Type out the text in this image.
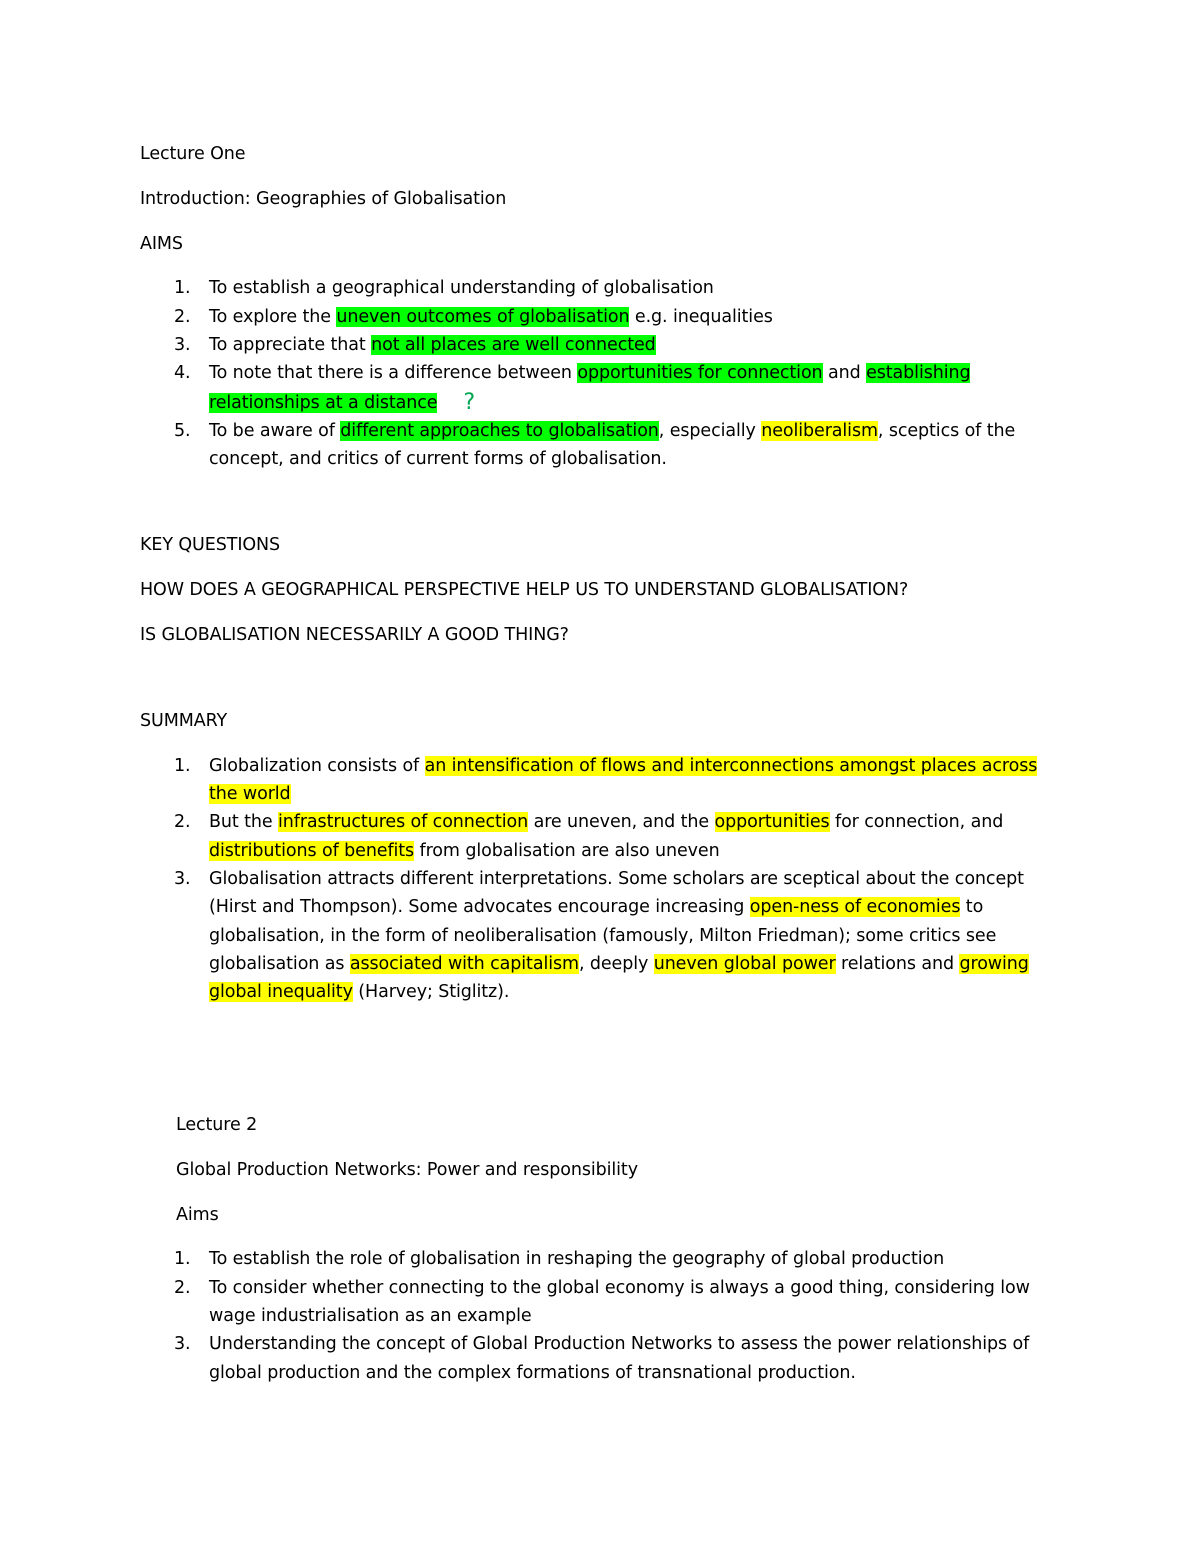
Lecture One

Introduction: Geographies of Globalisation

AIMS

1. To establish a geographical understanding of globalisation
2. To explore the uneven outcomes of globalisation e.g. inequalities
3. To appreciate that not all places are well connected
4. To note that there is a difference between opportunities for connection and establishing
relationships at a distance ?
5. To be aware of different approaches to globalisation, especially neoliberalism, sceptics of the
concept, and critics of current forms of globalisation.

KEY QUESTIONS

HOW DOES A GEOGRAPHICAL PERSPECTIVE HELP US TO UNDERSTAND GLOBALISATION?

IS GLOBALISATION NECESSARILY A GOOD THING?

SUMMARY

1. Globalization consists of an intensification of flows and interconnections amongst places across
the world
2. But the infrastructures of connection are uneven, and the opportunities for connection, and
distributions of benefits from globalisation are also uneven
3. Globalisation attracts different interpretations. Some scholars are sceptical about the concept
(Hirst and Thompson). Some advocates encourage increasing open-ness of economies to
globalisation, in the form of neoliberalisation (famously, Milton Friedman); some critics see
globalisation as associated with capitalism, deeply uneven global power relations and growing
global inequality (Harvey; Stiglitz).

Lecture 2

Global Production Networks: Power and responsibility

Aims

1. To establish the role of globalisation in reshaping the geography of global production
2. To consider whether connecting to the global economy is always a good thing, considering low
wage industrialisation as an example
3. Understanding the concept of Global Production Networks to assess the power relationships of
global production and the complex formations of transnational production.
